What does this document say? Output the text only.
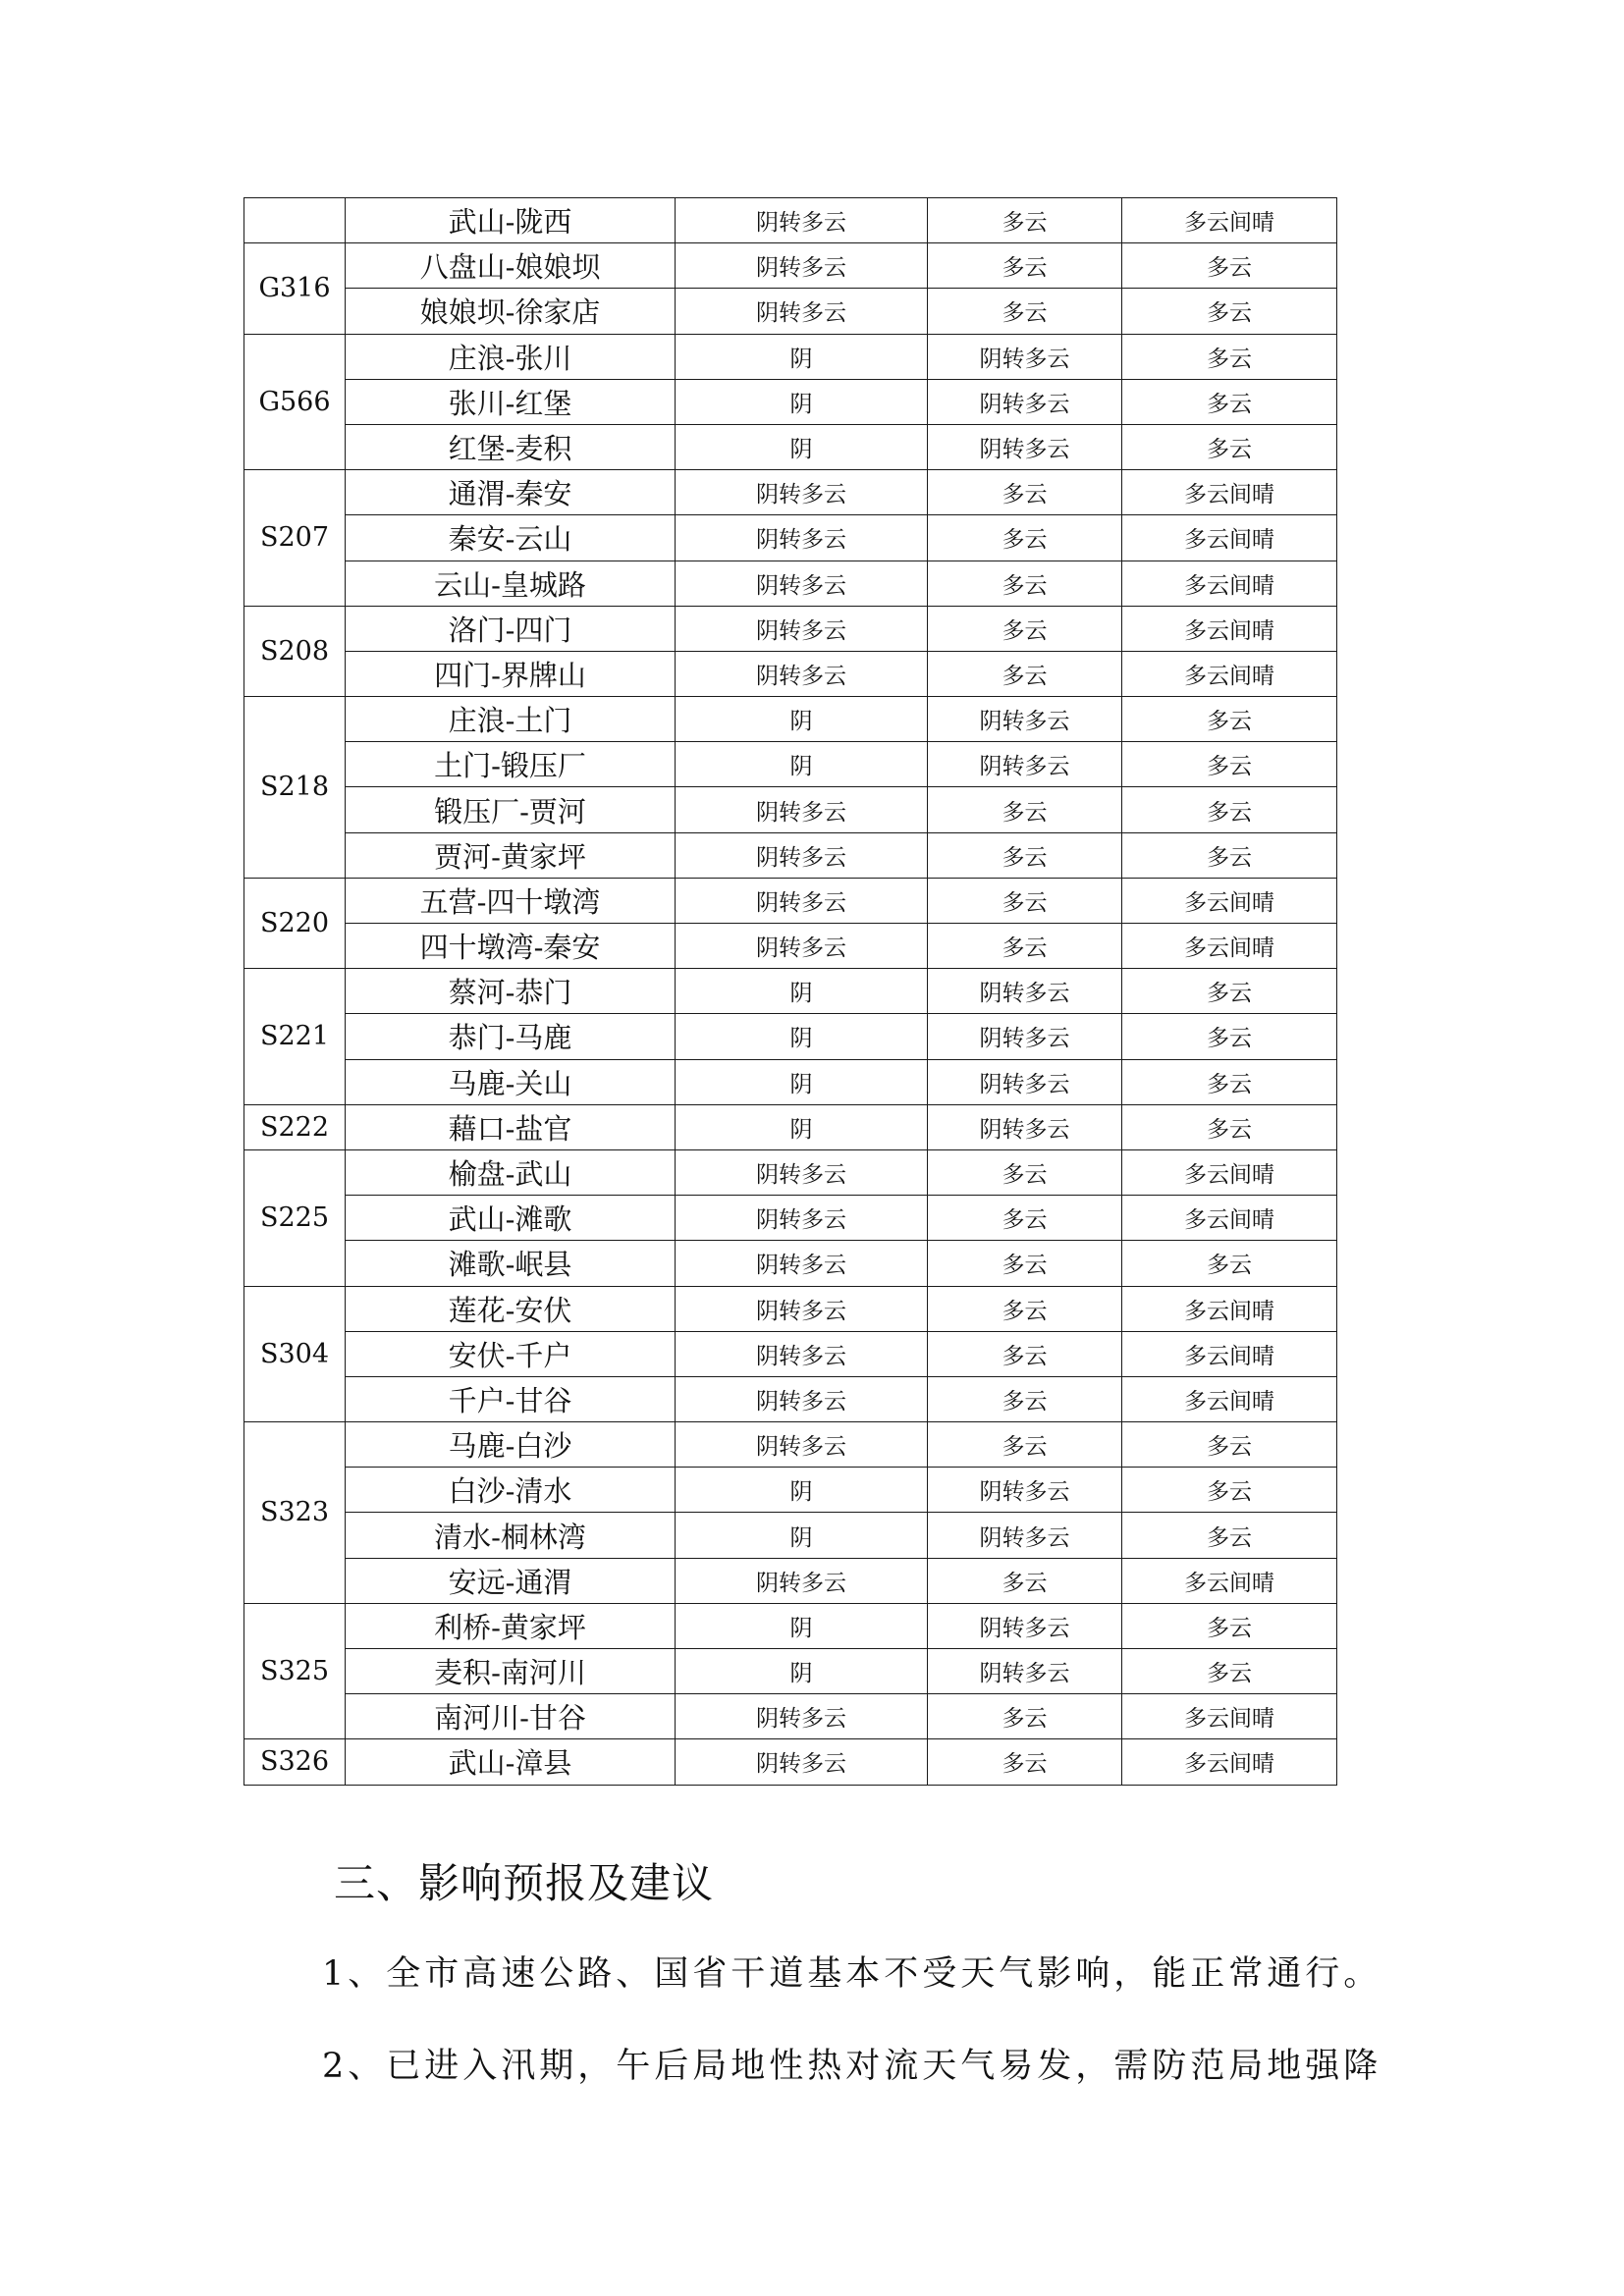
	武山-陇西	阴转多云	多云	多云间晴
G316	八盘山-娘娘坝	阴转多云	多云	多云
	娘娘坝-徐家店	阴转多云	多云	多云
G566	庄浪-张川	阴	阴转多云	多云
	张川-红堡	阴	阴转多云	多云
	红堡-麦积	阴	阴转多云	多云
S207	通渭-秦安	阴转多云	多云	多云间晴
	秦安-云山	阴转多云	多云	多云间晴
	云山-皇城路	阴转多云	多云	多云间晴
S208	洛门-四门	阴转多云	多云	多云间晴
	四门-界牌山	阴转多云	多云	多云间晴
S218	庄浪-土门	阴	阴转多云	多云
	土门-锻压厂	阴	阴转多云	多云
	锻压厂-贾河	阴转多云	多云	多云
	贾河-黄家坪	阴转多云	多云	多云
S220	五营-四十墩湾	阴转多云	多云	多云间晴
	四十墩湾-秦安	阴转多云	多云	多云间晴
S221	蔡河-恭门	阴	阴转多云	多云
	恭门-马鹿	阴	阴转多云	多云
	马鹿-关山	阴	阴转多云	多云
S222	藉口-盐官	阴	阴转多云	多云
S225	榆盘-武山	阴转多云	多云	多云间晴
	武山-滩歌	阴转多云	多云	多云间晴
	滩歌-岷县	阴转多云	多云	多云
S304	莲花-安伏	阴转多云	多云	多云间晴
	安伏-千户	阴转多云	多云	多云间晴
	千户-甘谷	阴转多云	多云	多云间晴
S323	马鹿-白沙	阴转多云	多云	多云
	白沙-清水	阴	阴转多云	多云
	清水-桐林湾	阴	阴转多云	多云
	安远-通渭	阴转多云	多云	多云间晴
S325	利桥-黄家坪	阴	阴转多云	多云
	麦积-南河川	阴	阴转多云	多云
	南河川-甘谷	阴转多云	多云	多云间晴
S326	武山-漳县	阴转多云	多云	多云间晴
三、影响预报及建议

1、全市高速公路、国省干道基本不受天气影响，能正常通行。

2、已进入汛期，午后局地性热对流天气易发，需防范局地强降
